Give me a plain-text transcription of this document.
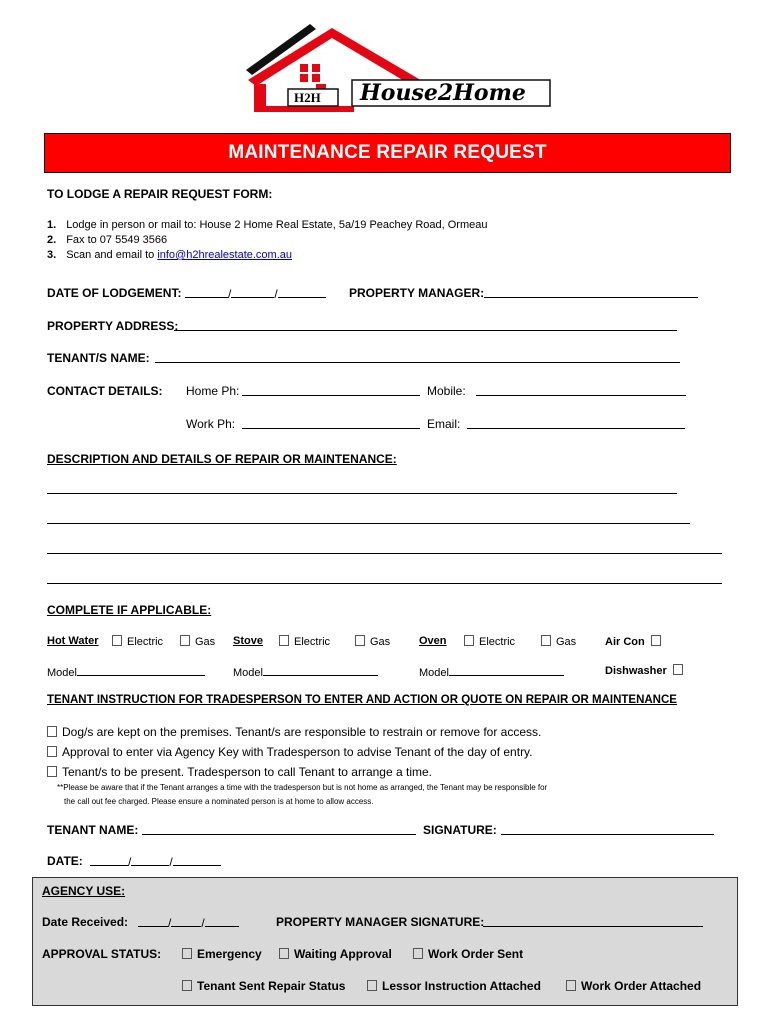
H2H House2Home
MAINTENANCE REPAIR REQUEST
TO LODGE A REPAIR REQUEST FORM:
1. Lodge in person or mail to: House 2 Home Real Estate, 5a/19 Peachey Road, Ormeau
2. Fax to 07 5549 3566
3. Scan and email to info@h2hrealestate.com.au
DATE OF LODGEMENT:	/	/	PROPERTY MANAGER:
PROPERTY ADDRESS:
TENANT/S NAME:
CONTACT DETAILS: Home Ph:	Mobile:
Work Ph:	Email:
DESCRIPTION AND DETAILS OF REPAIR OR MAINTENANCE:
COMPLETE IF APPLICABLE:
Hot Water	Electric	Gas Stove	Electric	Gas	Oven	Electric	Gas	Air Con
Model	Model	Model	Dishwasher
TENANT INSTRUCTION FOR TRADESPERSON TO ENTER AND ACTION OR QUOTE ON REPAIR OR MAINTENANCE
Dog/s are kept on the premises. Tenant/s are responsible to restrain or remove for access.
Approval to enter via Agency Key with Tradesperson to advise Tenant of the day of entry.
Tenant/s to be present. Tradesperson to call Tenant to arrange a time.
**Please be aware that if the Tenant arranges a time with the tradesperson but is not home as arranged, the Tenant may be responsible for
the call out fee charged. Please ensure a nominated person is at home to allow access.
TENANT NAME:	SIGNATURE:
DATE:	/	/
AGENCY USE:
Date Received:	/	/	PROPERTY MANAGER SIGNATURE:
APPROVAL STATUS:	Emergency	Waiting Approval	Work Order Sent
Tenant Sent Repair Status	Lessor Instruction Attached	Work Order Attached
